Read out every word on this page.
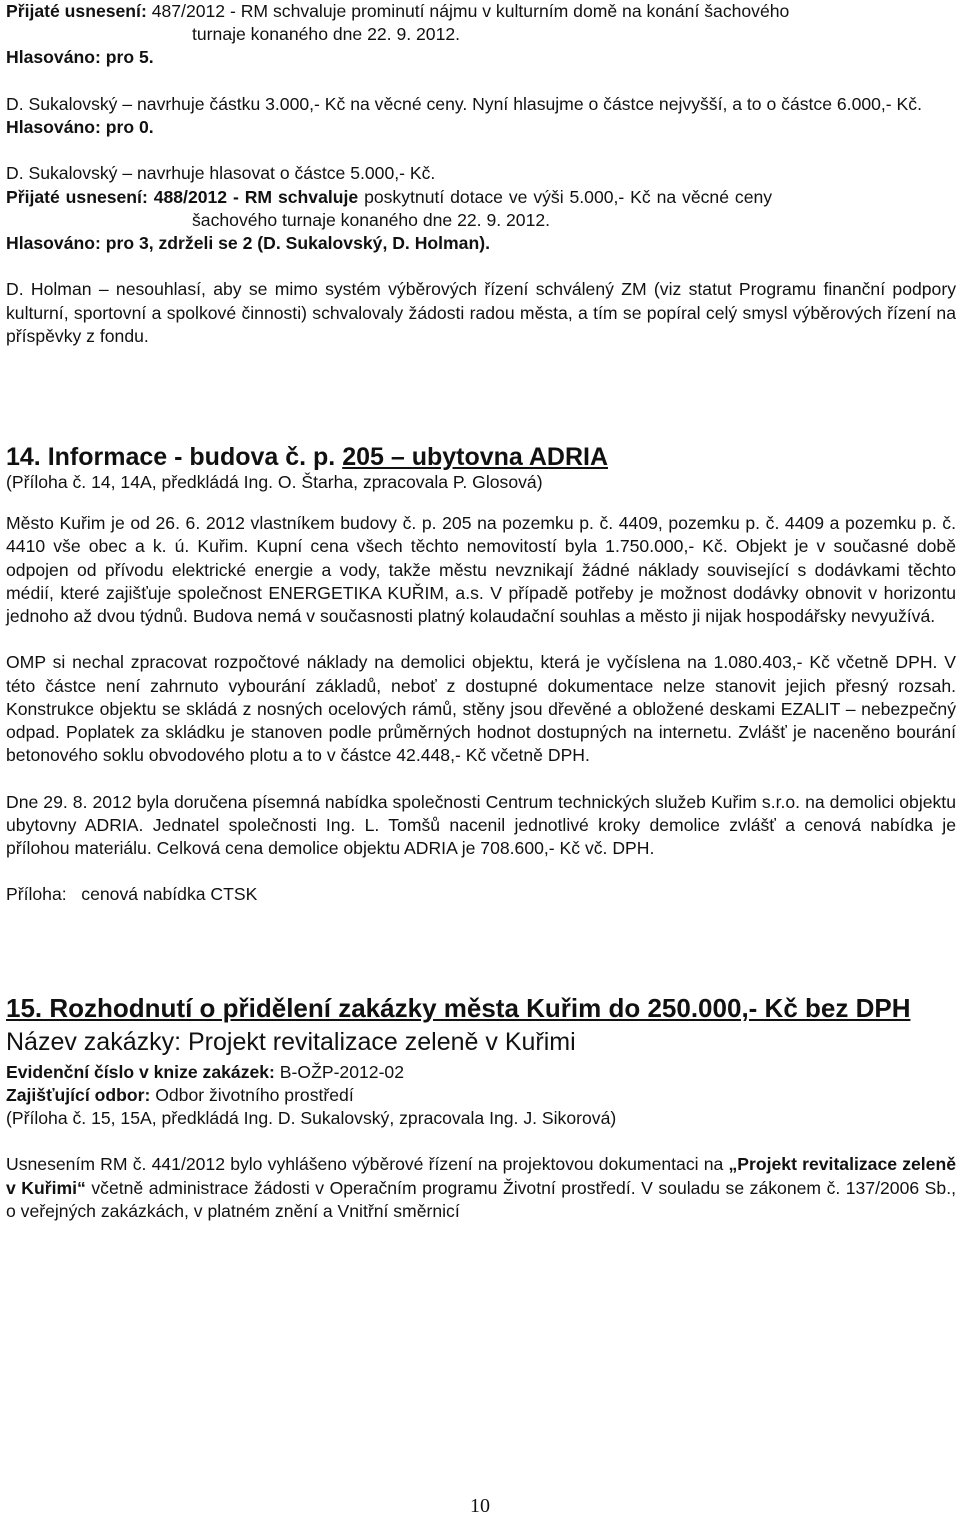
Přijaté usnesení: 487/2012 - RM schvaluje prominutí nájmu v kulturním domě na konání šachového

turnaje konaného dne 22. 9. 2012.

Hlasováno: pro 5.

D. Sukalovský – navrhuje částku 3.000,- Kč na věcné ceny. Nyní hlasujme o částce nejvyšší, a to o částce 6.000,- Kč.

Hlasováno: pro 0.

D. Sukalovský – navrhuje hlasovat o částce 5.000,- Kč.

Přijaté usnesení: 488/2012 - RM schvaluje poskytnutí dotace ve výši 5.000,- Kč na věcné ceny

šachového turnaje konaného dne 22. 9. 2012.

Hlasováno: pro 3, zdrželi se 2 (D. Sukalovský, D. Holman).

D. Holman – nesouhlasí, aby se mimo systém výběrových řízení schválený ZM (viz statut Programu finanční podpory kulturní, sportovní a spolkové činnosti) schvalovaly žádosti radou města, a tím se popíral celý smysl výběrových řízení na příspěvky z fondu.

14. Informace - budova č. p. 205 – ubytovna ADRIA

(Příloha č. 14, 14A, předkládá Ing. O. Štarha, zpracovala P. Glosová)

Město Kuřim je od 26. 6. 2012 vlastníkem budovy č. p. 205 na pozemku p. č. 4409, pozemku p. č. 4409 a pozemku p. č. 4410 vše obec a k. ú. Kuřim. Kupní cena všech těchto nemovitostí byla 1.750.000,- Kč. Objekt je v současné době odpojen od přívodu elektrické energie a vody, takže městu nevznikají žádné náklady související s dodávkami těchto médií, které zajišťuje společnost ENERGETIKA KUŘIM, a.s. V případě potřeby je možnost dodávky obnovit v horizontu jednoho až dvou týdnů. Budova nemá v současnosti platný kolaudační souhlas a město ji nijak hospodářsky nevyužívá.

OMP si nechal zpracovat rozpočtové náklady na demolici objektu, která je vyčíslena na 1.080.403,- Kč včetně DPH. V této částce není zahrnuto vybourání základů, neboť z dostupné dokumentace nelze stanovit jejich přesný rozsah. Konstrukce objektu se skládá z nosných ocelových rámů, stěny jsou dřevěné a obložené deskami EZALIT – nebezpečný odpad. Poplatek za skládku je stanoven podle průměrných hodnot dostupných na internetu. Zvlášť je naceněno bourání betonového soklu obvodového plotu a to v částce 42.448,- Kč včetně DPH.

Dne 29. 8. 2012 byla doručena písemná nabídka společnosti Centrum technických služeb Kuřim s.r.o. na demolici objektu ubytovny ADRIA. Jednatel společnosti Ing. L. Tomšů nacenil jednotlivé kroky demolice zvlášť a cenová nabídka je přílohou materiálu. Celková cena demolice objektu ADRIA je 708.600,- Kč vč. DPH.

Příloha:   cenová nabídka CTSK

15. Rozhodnutí o přidělení zakázky města Kuřim do 250.000,- Kč bez DPH

Název zakázky: Projekt revitalizace zeleně v Kuřimi

Evidenční číslo v knize zakázek: B-OŽP-2012-02

Zajišťující odbor: Odbor životního prostředí

(Příloha č. 15, 15A, předkládá Ing. D. Sukalovský, zpracovala Ing. J. Sikorová)

Usnesením RM č. 441/2012 bylo vyhlášeno výběrové řízení na projektovou dokumentaci na „Projekt revitalizace zeleně v Kuřimi“ včetně administrace žádosti v Operačním programu Životní prostředí. V souladu se zákonem č. 137/2006 Sb., o veřejných zakázkách, v platném znění a Vnitřní směrnicí

10
